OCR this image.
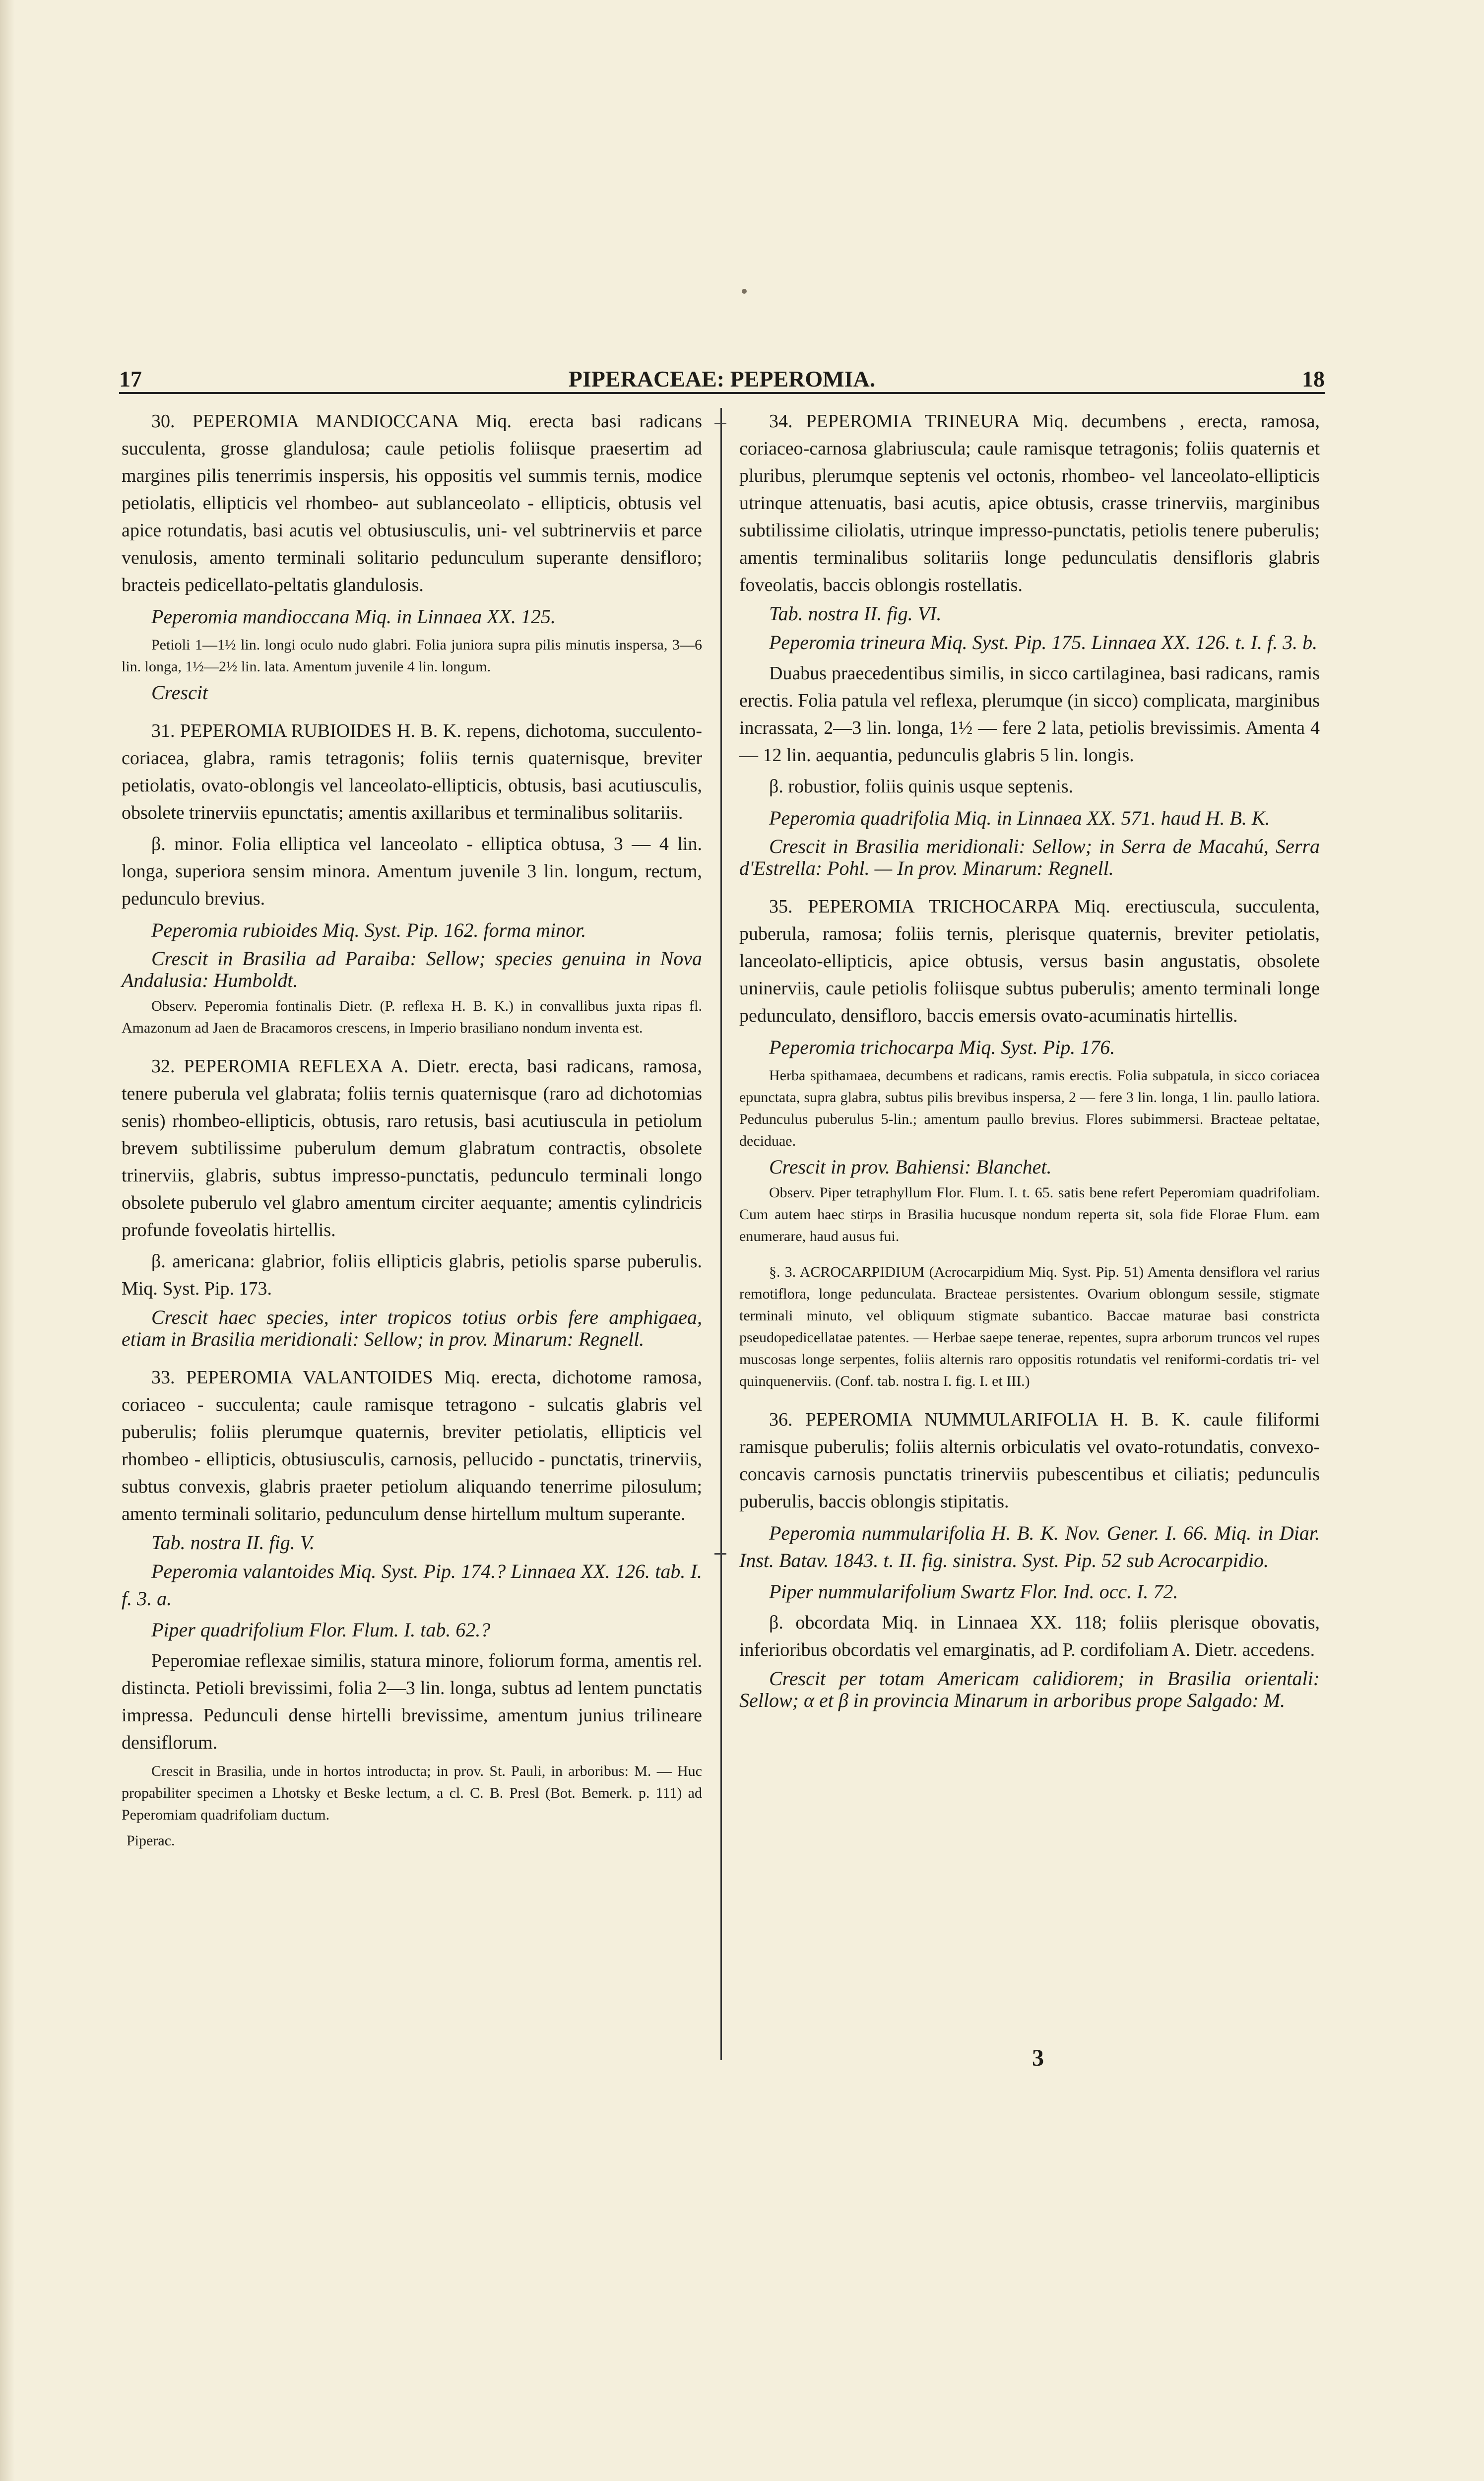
17	PIPERACEAE: PEPEROMIA.	18

30. PEPEROMIA MANDIOCCANA Miq. erecta basi radicans succulenta, grosse glandulosa; caule petiolis foliisque praesertim ad margines pilis tenerrimis inspersis, his oppositis vel summis ternis, modice petiolatis, ellipticis vel rhombeo- aut sublanceolato - ellipticis, obtusis vel apice rotundatis, basi acutis vel obtusiusculis, uni- vel subtrinerviis et parce venulosis, amento terminali solitario pedunculum superante densifloro; bracteis pedicellato-peltatis glandulosis.

Peperomia mandioccana Miq. in Linnaea XX. 125.

Petioli 1—1½ lin. longi oculo nudo glabri. Folia juniora supra pilis minutis inspersa, 3—6 lin. longa, 1½—2½ lin. lata. Amentum juvenile 4 lin. longum.

Crescit

31. PEPEROMIA RUBIOIDES H. B. K. repens, dichotoma, succulento-coriacea, glabra, ramis tetragonis; foliis ternis quaternisque, breviter petiolatis, ovato-oblongis vel lanceolato-ellipticis, obtusis, basi acutiusculis, obsolete trinerviis epunctatis; amentis axillaribus et terminalibus solitariis.

β. minor. Folia elliptica vel lanceolato - elliptica obtusa, 3 — 4 lin. longa, superiora sensim minora. Amentum juvenile 3 lin. longum, rectum, pedunculo brevius.

Peperomia rubioides Miq. Syst. Pip. 162. forma minor.

Crescit in Brasilia ad Paraiba: Sellow; species genuina in Nova Andalusia: Humboldt.

Observ. Peperomia fontinalis Dietr. (P. reflexa H. B. K.) in convallibus juxta ripas fl. Amazonum ad Jaen de Bracamoros crescens, in Imperio brasiliano nondum inventa est.

32. PEPEROMIA REFLEXA A. Dietr. erecta, basi radicans, ramosa, tenere puberula vel glabrata; foliis ternis quaternisque (raro ad dichotomias senis) rhombeo-ellipticis, obtusis, raro retusis, basi acutiuscula in petiolum brevem subtilissime puberulum demum glabratum contractis, obsolete trinerviis, glabris, subtus impresso-punctatis, pedunculo terminali longo obsolete puberulo vel glabro amentum circiter aequante; amentis cylindricis profunde foveolatis hirtellis.

β. americana: glabrior, foliis ellipticis glabris, petiolis sparse puberulis. Miq. Syst. Pip. 173.

Crescit haec species, inter tropicos totius orbis fere amphigaea, etiam in Brasilia meridionali: Sellow; in prov. Minarum: Regnell.

33. PEPEROMIA VALANTOIDES Miq. erecta, dichotome ramosa, coriaceo - succulenta; caule ramisque tetragono - sulcatis glabris vel puberulis; foliis plerumque quaternis, breviter petiolatis, ellipticis vel rhombeo - ellipticis, obtusiusculis, carnosis, pellucido - punctatis, trinerviis, subtus convexis, glabris praeter petiolum aliquando tenerrime pilosulum; amento terminali solitario, pedunculum dense hirtellum multum superante.

Tab. nostra II. fig. V.

Peperomia valantoides Miq. Syst. Pip. 174.? Linnaea XX. 126. tab. I. f. 3. a.

Piper quadrifolium Flor. Flum. I. tab. 62.?

Peperomiae reflexae similis, statura minore, foliorum forma, amentis rel. distincta. Petioli brevissimi, folia 2—3 lin. longa, subtus ad lentem punctatis impressa. Pedunculi dense hirtelli brevissime, amentum junius trilineare densiflorum.

Crescit in Brasilia, unde in hortos introducta; in prov. St. Pauli, in arboribus: M. — Huc propabiliter specimen a Lhotsky et Beske lectum, a cl. C. B. Presl (Bot. Bemerk. p. 111) ad Peperomiam quadrifoliam ductum.

Piperac.

34. PEPEROMIA TRINEURA Miq. decumbens , erecta, ramosa, coriaceo-carnosa glabriuscula; caule ramisque tetragonis; foliis quaternis et pluribus, plerumque septenis vel octonis, rhombeo- vel lanceolato-ellipticis utrinque attenuatis, basi acutis, apice obtusis, crasse trinerviis, marginibus subtilissime ciliolatis, utrinque impresso-punctatis, petiolis tenere puberulis; amentis terminalibus solitariis longe pedunculatis densifloris glabris foveolatis, baccis oblongis rostellatis.

Tab. nostra II. fig. VI.

Peperomia trineura Miq. Syst. Pip. 175. Linnaea XX. 126. t. I. f. 3. b.

Duabus praecedentibus similis, in sicco cartilaginea, basi radicans, ramis erectis. Folia patula vel reflexa, plerumque (in sicco) complicata, marginibus incrassata, 2—3 lin. longa, 1½ — fere 2 lata, petiolis brevissimis. Amenta 4 — 12 lin. aequantia, pedunculis glabris 5 lin. longis.

β. robustior, foliis quinis usque septenis.

Peperomia quadrifolia Miq. in Linnaea XX. 571. haud H. B. K.

Crescit in Brasilia meridionali: Sellow; in Serra de Macahú, Serra d'Estrella: Pohl. — In prov. Minarum: Regnell.

35. PEPEROMIA TRICHOCARPA Miq. erectiuscula, succulenta, puberula, ramosa; foliis ternis, plerisque quaternis, breviter petiolatis, lanceolato-ellipticis, apice obtusis, versus basin angustatis, obsolete uninerviis, caule petiolis foliisque subtus puberulis; amento terminali longe pedunculato, densifloro, baccis emersis ovato-acuminatis hirtellis.

Peperomia trichocarpa Miq. Syst. Pip. 176.

Herba spithamaea, decumbens et radicans, ramis erectis. Folia subpatula, in sicco coriacea epunctata, supra glabra, subtus pilis brevibus inspersa, 2 — fere 3 lin. longa, 1 lin. paullo latiora. Pedunculus puberulus 5-lin.; amentum paullo brevius. Flores subimmersi. Bracteae peltatae, deciduae.

Crescit in prov. Bahiensi: Blanchet.

Observ. Piper tetraphyllum Flor. Flum. I. t. 65. satis bene refert Peperomiam quadrifoliam. Cum autem haec stirps in Brasilia hucusque nondum reperta sit, sola fide Florae Flum. eam enumerare, haud ausus fui.

§. 3. ACROCARPIDIUM (Acrocarpidium Miq. Syst. Pip. 51) Amenta densiflora vel rarius remotiflora, longe pedunculata. Bracteae persistentes. Ovarium oblongum sessile, stigmate terminali minuto, vel obliquum stigmate subantico. Baccae maturae basi constricta pseudopedicellatae patentes. — Herbae saepe tenerae, repentes, supra arborum truncos vel rupes muscosas longe serpentes, foliis alternis raro oppositis rotundatis vel reniformi-cordatis tri- vel quinquenerviis. (Conf. tab. nostra I. fig. I. et III.)

36. PEPEROMIA NUMMULARIFOLIA H. B. K. caule filiformi ramisque puberulis; foliis alternis orbiculatis vel ovato-rotundatis, convexo-concavis carnosis punctatis trinerviis pubescentibus et ciliatis; pedunculis puberulis, baccis oblongis stipitatis.

Peperomia nummularifolia H. B. K. Nov. Gener. I. 66. Miq. in Diar. Inst. Batav. 1843. t. II. fig. sinistra. Syst. Pip. 52 sub Acrocarpidio.

Piper nummularifolium Swartz Flor. Ind. occ. I. 72.

β. obcordata Miq. in Linnaea XX. 118; foliis plerisque obovatis, inferioribus obcordatis vel emarginatis, ad P. cordifoliam A. Dietr. accedens.

Crescit per totam Americam calidiorem; in Brasilia orientali: Sellow; α et β in provincia Minarum in arboribus prope Salgado: M.

3
